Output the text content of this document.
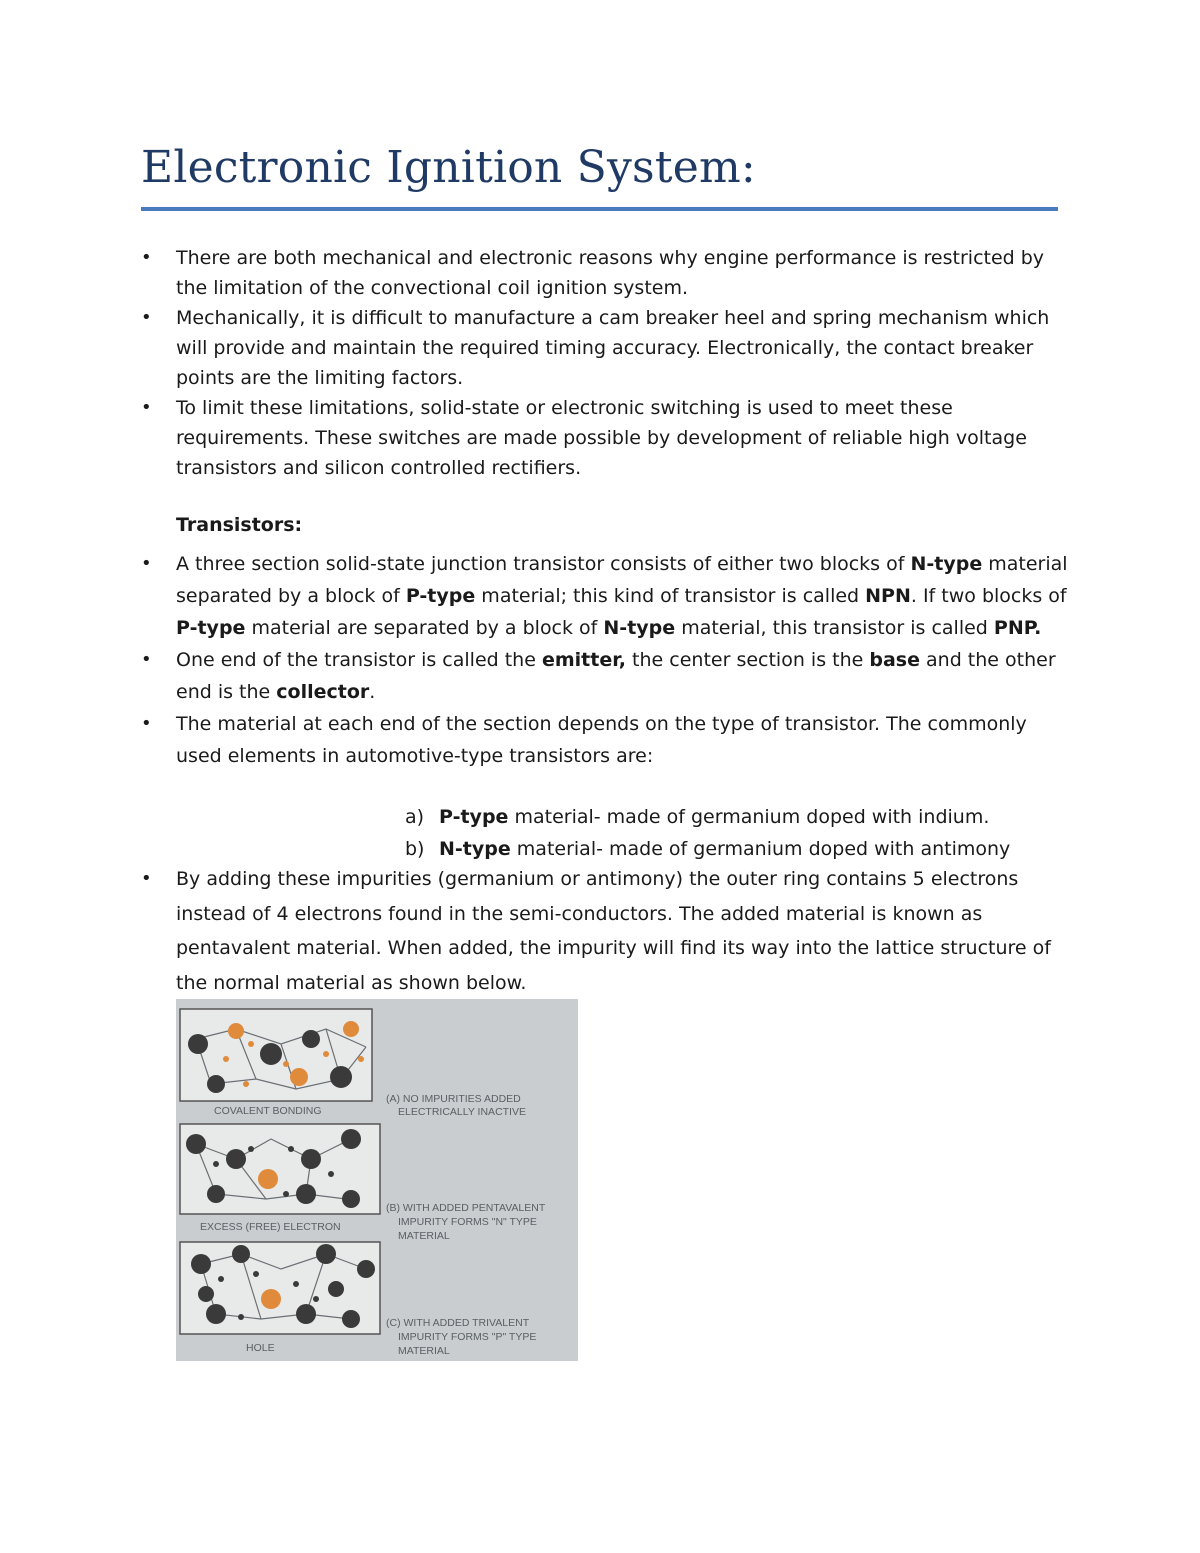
Electronic Ignition System:
• There are both mechanical and electronic reasons why engine performance is restricted by the limitation of the convectional coil ignition system.
• Mechanically, it is difficult to manufacture a cam breaker heel and spring mechanism which will provide and maintain the required timing accuracy. Electronically, the contact breaker points are the limiting factors.
• To limit these limitations, solid-state or electronic switching is used to meet these requirements. These switches are made possible by development of reliable high voltage transistors and silicon controlled rectifiers.
Transistors:
• A three section solid-state junction transistor consists of either two blocks of N-type material separated by a block of P-type material; this kind of transistor is called NPN. If two blocks of P-type material are separated by a block of N-type material, this transistor is called PNP.
• One end of the transistor is called the emitter, the center section is the base and the other end is the collector.
• The material at each end of the section depends on the type of transistor. The commonly used elements in automotive-type transistors are:
a) P-type material- made of germanium doped with indium.
b) N-type material- made of germanium doped with antimony
• By adding these impurities (germanium or antimony) the outer ring contains 5 electrons instead of 4 electrons found in the semi-conductors. The added material is known as pentavalent material. When added, the impurity will find its way into the lattice structure of the normal material as shown below.
COVALENT BONDING
(A) NO IMPURITIES ADDED
ELECTRICALLY INACTIVE
EXCESS (FREE) ELECTRON
(B) WITH ADDED PENTAVALENT
IMPURITY FORMS "N" TYPE
MATERIAL
HOLE
(C) WITH ADDED TRIVALENT
IMPURITY FORMS "P" TYPE
MATERIAL
